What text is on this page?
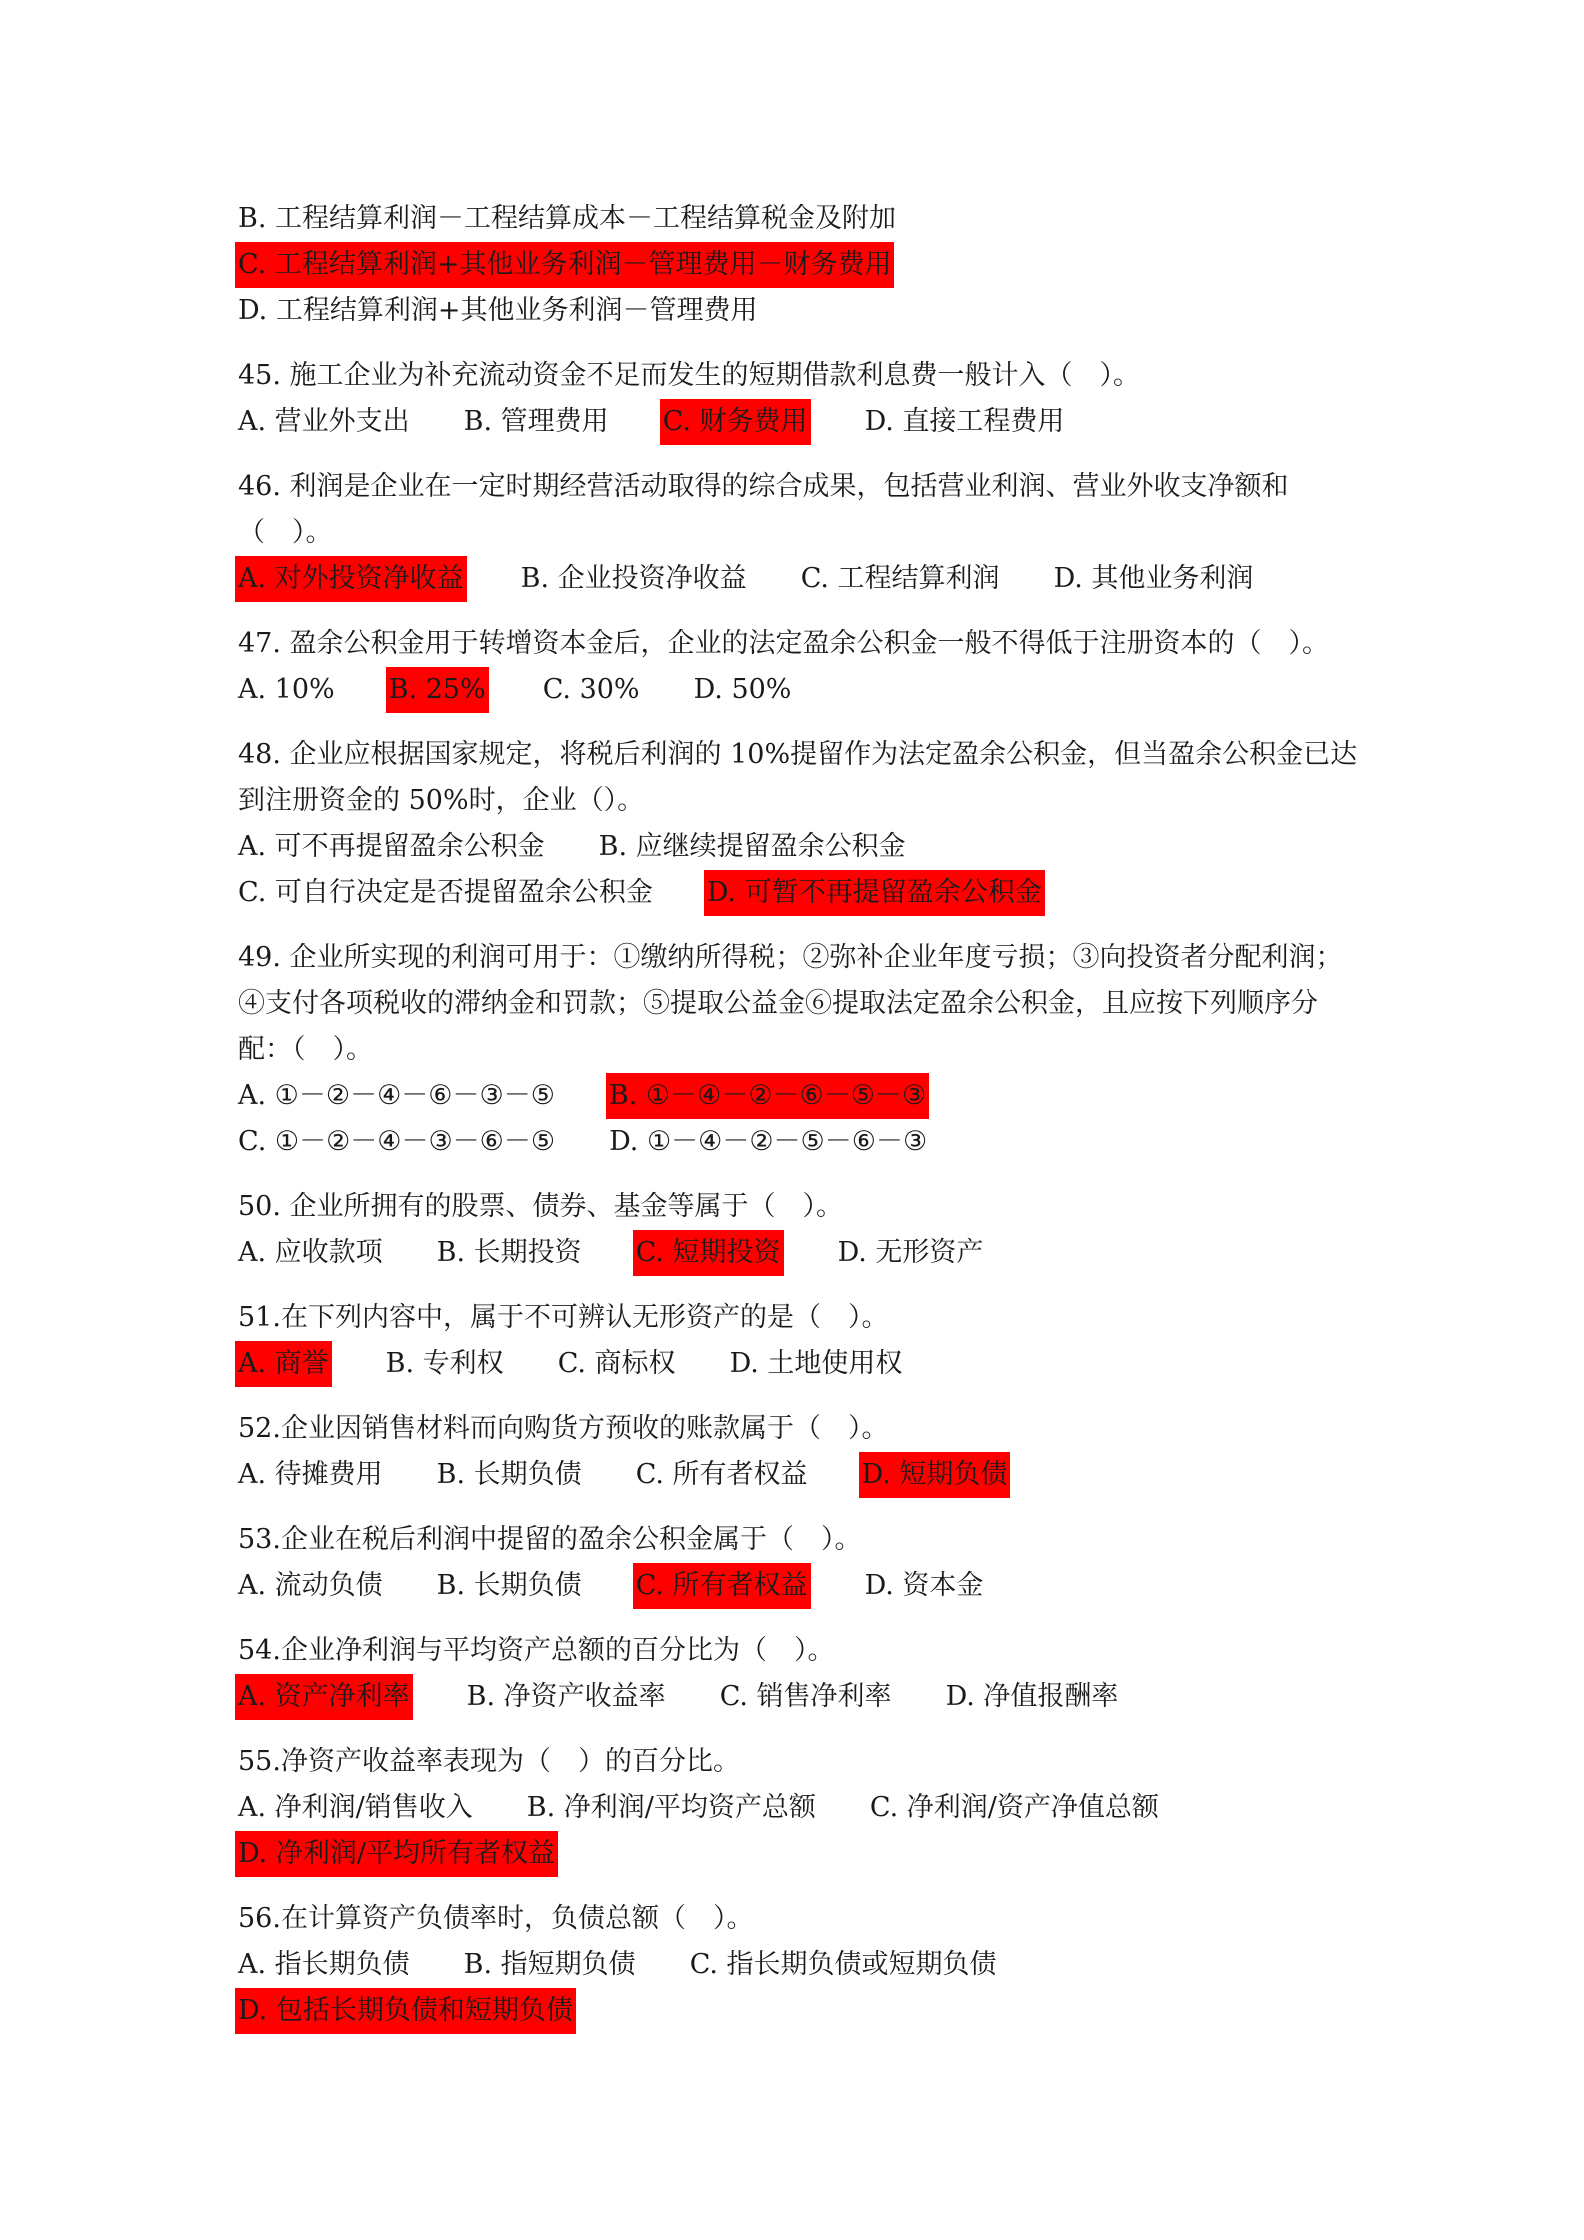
B. 工程结算利润－工程结算成本－工程结算税金及附加
C. 工程结算利润+其他业务利润－管理费用－财务费用
D. 工程结算利润+其他业务利润－管理费用
45. 施工企业为补充流动资金不足而发生的短期借款利息费一般计入（　）。
A. 营业外支出 B. 管理费用 C. 财务费用 D. 直接工程费用
46. 利润是企业在一定时期经营活动取得的综合成果，包括营业利润、营业外收支净额和（　）。
A. 对外投资净收益 B. 企业投资净收益 C. 工程结算利润 D. 其他业务利润
47. 盈余公积金用于转增资本金后，企业的法定盈余公积金一般不得低于注册资本的（　）。
A. 10% B. 25% C. 30% D. 50%
48. 企业应根据国家规定，将税后利润的 10%提留作为法定盈余公积金，但当盈余公积金已达到注册资金的 50%时，企业（）。
A. 可不再提留盈余公积金 B. 应继续提留盈余公积金
C. 可自行决定是否提留盈余公积金 D. 可暂不再提留盈余公积金
49. 企业所实现的利润可用于：①缴纳所得税；②弥补企业年度亏损；③向投资者分配利润；④支付各项税收的滞纳金和罚款；⑤提取公益金⑥提取法定盈余公积金，且应按下列顺序分配：（　）。
A. ①－②－④－⑥－③－⑤ B. ①－④－②－⑥－⑤－③
C. ①－②－④－③－⑥－⑤ D. ①－④－②－⑤－⑥－③
50. 企业所拥有的股票、债券、基金等属于（　）。
A. 应收款项 B. 长期投资 C. 短期投资 D. 无形资产
51.在下列内容中，属于不可辨认无形资产的是（　）。
A. 商誉 B. 专利权 C. 商标权 D. 土地使用权
52.企业因销售材料而向购货方预收的账款属于（　）。
A. 待摊费用 B. 长期负债 C. 所有者权益 D. 短期负债
53.企业在税后利润中提留的盈余公积金属于（　）。
A. 流动负债 B. 长期负债 C. 所有者权益 D. 资本金
54.企业净利润与平均资产总额的百分比为（　）。
A. 资产净利率 B. 净资产收益率 C. 销售净利率 D. 净值报酬率
55.净资产收益率表现为（　）的百分比。
A. 净利润/销售收入 B. 净利润/平均资产总额 C. 净利润/资产净值总额
D. 净利润/平均所有者权益
56.在计算资产负债率时，负债总额（　）。
A. 指长期负债 B. 指短期负债 C. 指长期负债或短期负债
D. 包括长期负债和短期负债
